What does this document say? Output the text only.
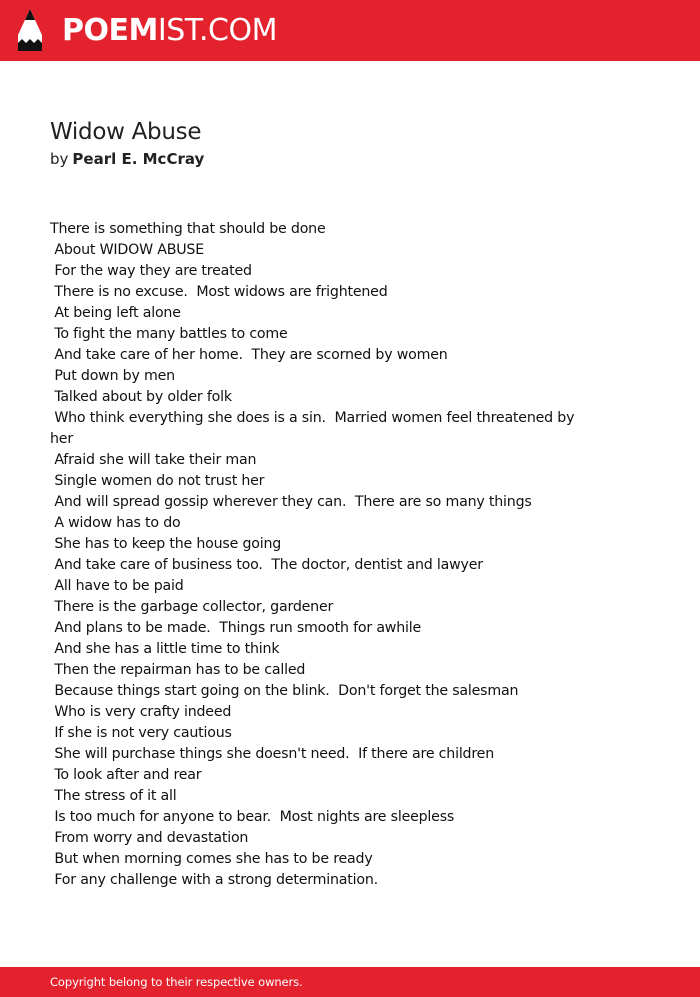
POEMIST.COM
Widow Abuse
by Pearl E. McCray
There is something that should be done
About WIDOW ABUSE
For the way they are treated
There is no excuse.  Most widows are frightened
At being left alone
To fight the many battles to come
And take care of her home.  They are scorned by women
Put down by men
Talked about by older folk
Who think everything she does is a sin.  Married women feel threatened by her
Afraid she will take their man
Single women do not trust her
And will spread gossip wherever they can.  There are so many things
A widow has to do
She has to keep the house going
And take care of business too.  The doctor, dentist and lawyer
All have to be paid
There is the garbage collector, gardener
And plans to be made.  Things run smooth for awhile
And she has a little time to think
Then the repairman has to be called
Because things start going on the blink.  Don't forget the salesman
Who is very crafty indeed
If she is not very cautious
She will purchase things she doesn't need.  If there are children
To look after and rear
The stress of it all
Is too much for anyone to bear.  Most nights are sleepless
From worry and devastation
But when morning comes she has to be ready
For any challenge with a strong determination.
Copyright belong to their respective owners.
